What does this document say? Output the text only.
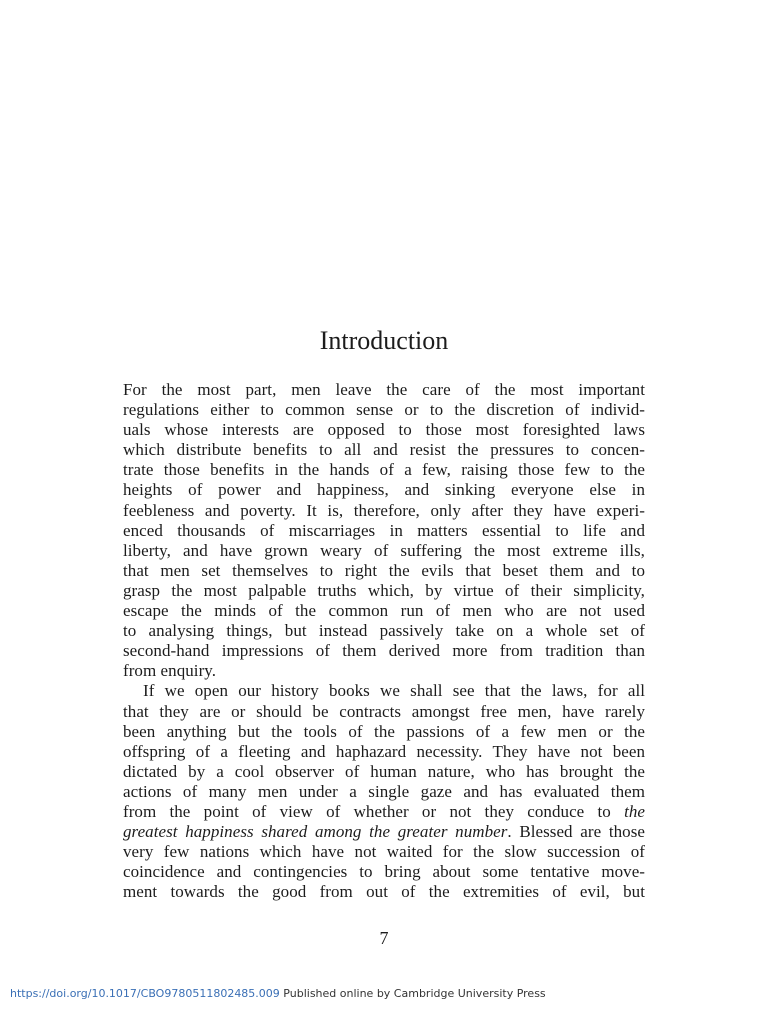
Introduction
For the most part, men leave the care of the most important
regulations either to common sense or to the discretion of individ-
uals whose interests are opposed to those most foresighted laws
which distribute benefits to all and resist the pressures to concen-
trate those benefits in the hands of a few, raising those few to the
heights of power and happiness, and sinking everyone else in
feebleness and poverty. It is, therefore, only after they have experi-
enced thousands of miscarriages in matters essential to life and
liberty, and have grown weary of suffering the most extreme ills,
that men set themselves to right the evils that beset them and to
grasp the most palpable truths which, by virtue of their simplicity,
escape the minds of the common run of men who are not used
to analysing things, but instead passively take on a whole set of
second-hand impressions of them derived more from tradition than
from enquiry.
If we open our history books we shall see that the laws, for all
that they are or should be contracts amongst free men, have rarely
been anything but the tools of the passions of a few men or the
offspring of a fleeting and haphazard necessity. They have not been
dictated by a cool observer of human nature, who has brought the
actions of many men under a single gaze and has evaluated them
from the point of view of whether or not they conduce to the
greatest happiness shared among the greater number. Blessed are those
very few nations which have not waited for the slow succession of
coincidence and contingencies to bring about some tentative move-
ment towards the good from out of the extremities of evil, but
7
https://doi.org/10.1017/CBO9780511802485.009 Published online by Cambridge University Press
